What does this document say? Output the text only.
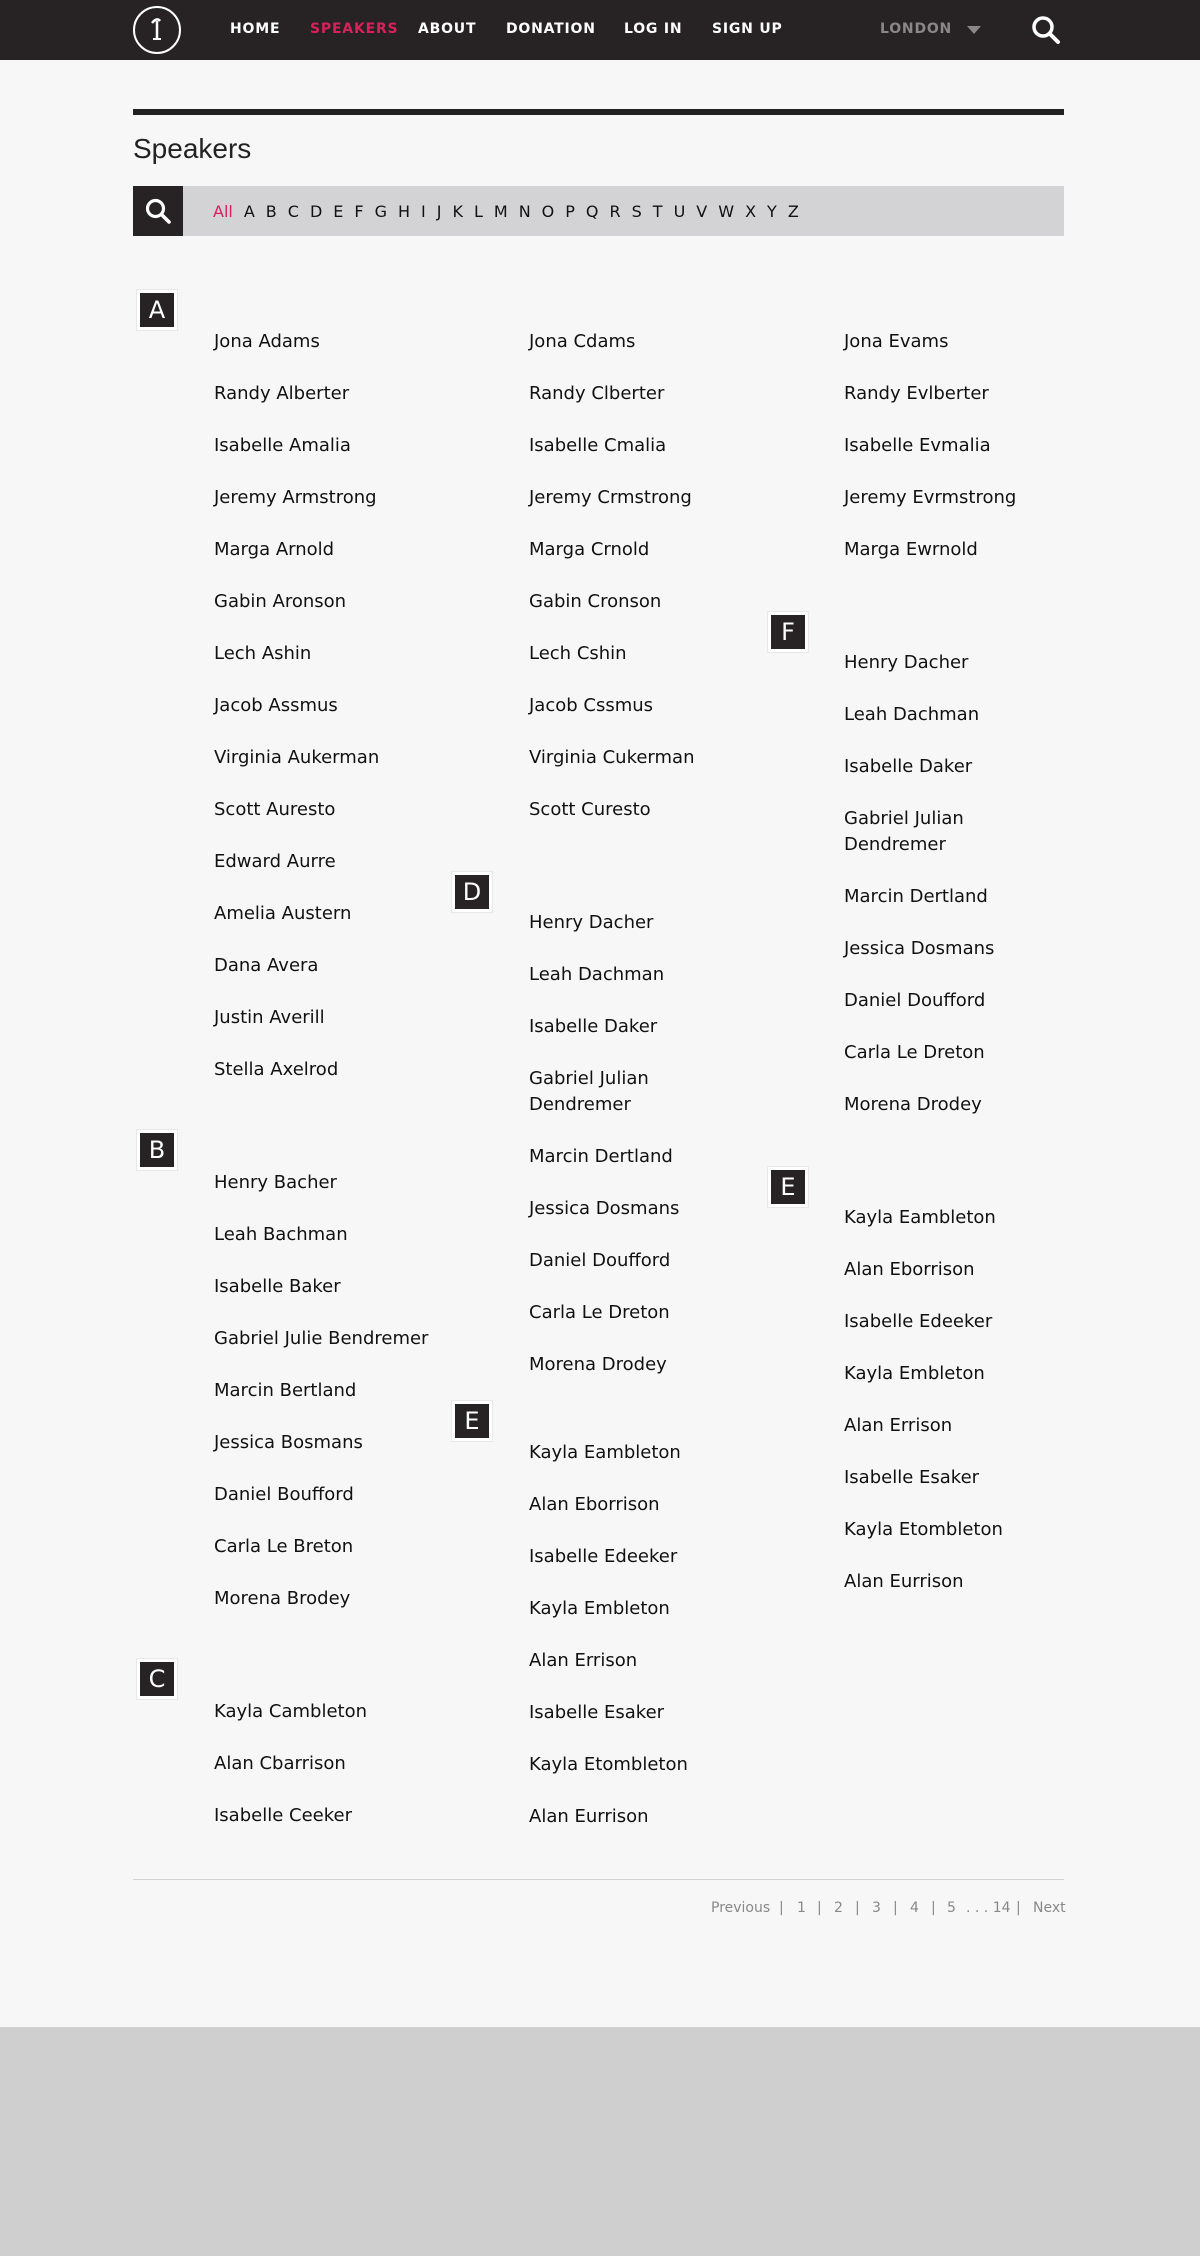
HOME SPEAKERS ABOUT DONATION LOG IN SIGN UP	LONDON
Speakers
All A B C D E F G H I J K L M N O P Q R S T U V W X Y Z
A
B
C
D
E
F
E
Jona Adams
Randy Alberter
Isabelle Amalia
Jeremy Armstrong
Marga Arnold
Gabin Aronson
Lech Ashin
Jacob Assmus
Virginia Aukerman
Scott Auresto
Edward Aurre
Amelia Austern
Dana Avera
Justin Averill
Stella Axelrod
Henry Bacher
Leah Bachman
Isabelle Baker
Gabriel Julie Bendremer
Marcin Bertland
Jessica Bosmans
Daniel Boufford
Carla Le Breton
Morena Brodey
Kayla Cambleton
Alan Cbarrison
Isabelle Ceeker
Jona Cdams
Randy Clberter
Isabelle Cmalia
Jeremy Crmstrong
Marga Crnold
Gabin Cronson
Lech Cshin
Jacob Cssmus
Virginia Cukerman
Scott Curesto
Henry Dacher
Leah Dachman
Isabelle Daker
Gabriel Julian Dendremer
Marcin Dertland
Jessica Dosmans
Daniel Doufford
Carla Le Dreton
Morena Drodey
Kayla Eambleton
Alan Eborrison
Isabelle Edeeker
Kayla Embleton
Alan Errison
Isabelle Esaker
Kayla Etombleton
Alan Eurrison
Jona Evams
Randy Evlberter
Isabelle Evmalia
Jeremy Evrmstrong
Marga Ewrnold
Henry Dacher
Leah Dachman
Isabelle Daker
Gabriel Julian Dendremer
Marcin Dertland
Jessica Dosmans
Daniel Doufford
Carla Le Dreton
Morena Drodey
Kayla Eambleton
Alan Eborrison
Isabelle Edeeker
Kayla Embleton
Alan Errison
Isabelle Esaker
Kayla Etombleton
Alan Eurrison
Previous | 1 | 2 | 3 | 4 | 5 . . . 14 | Next
